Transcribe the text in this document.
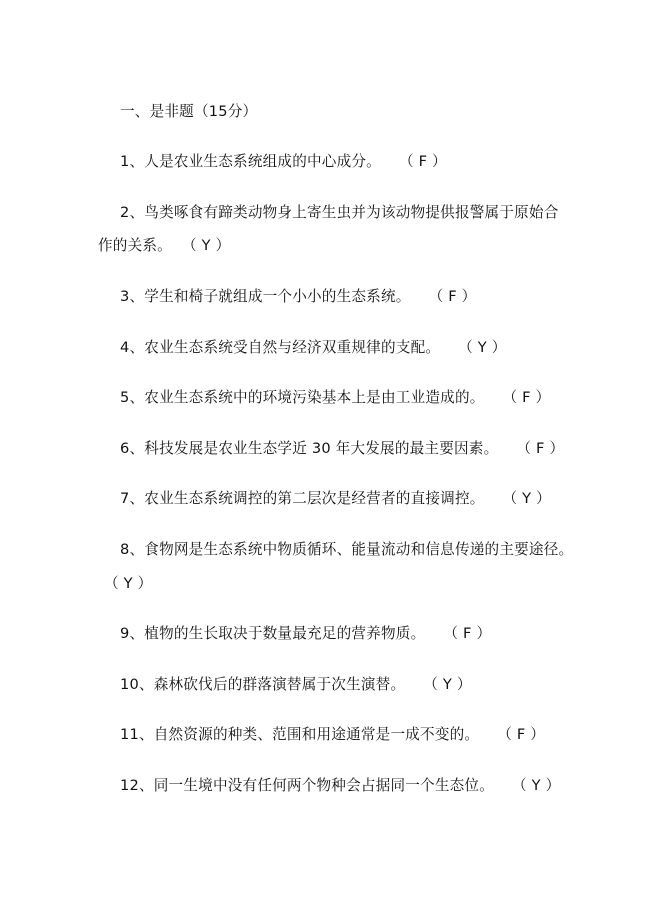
一、是非题（15分）
1、人是农业生态系统组成的中心成分。 （ F ）
2、鸟类啄食有蹄类动物身上寄生虫并为该动物提供报警属于原始合
作的关系。 （ Y ）
3、学生和椅子就组成一个小小的生态系统。 （ F ）
4、农业生态系统受自然与经济双重规律的支配。 （ Y ）
5、农业生态系统中的环境污染基本上是由工业造成的。 （ F ）
6、科技发展是农业生态学近 30 年大发展的最主要因素。 （ F ）
7、农业生态系统调控的第二层次是经营者的直接调控。 （ Y ）
8、食物网是生态系统中物质循环、能量流动和信息传递的主要途径。
（ Y ）
9、植物的生长取决于数量最充足的营养物质。 （ F ）
10、森林砍伐后的群落演替属于次生演替。 （ Y ）
11、自然资源的种类、范围和用途通常是一成不变的。 （ F ）
12、同一生境中没有任何两个物种会占据同一个生态位。 （ Y ）
